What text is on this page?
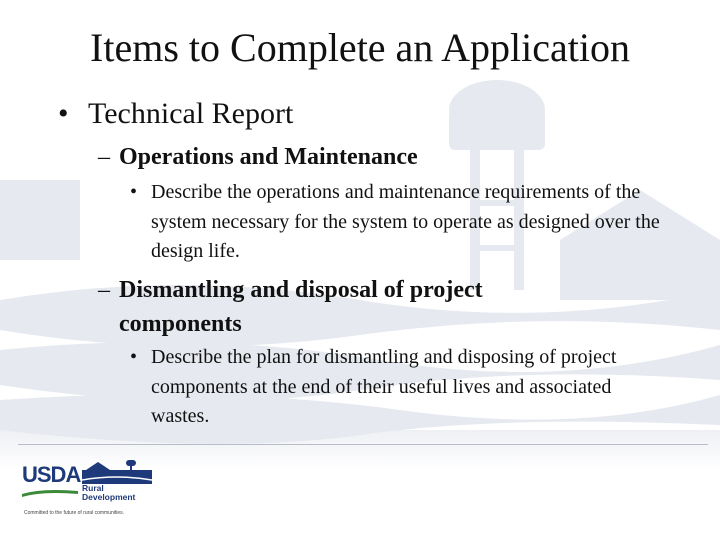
Items to Complete an Application
• Technical Report
– Operations and Maintenance
• Describe the operations and maintenance requirements of the system necessary for the system to operate as designed over the design life.
– Dismantling and disposal of project components
• Describe the plan for dismantling and disposing of project components at the end of their useful lives and associated wastes.
USDA
Rural
Development
Committed to the future of rural communities.
